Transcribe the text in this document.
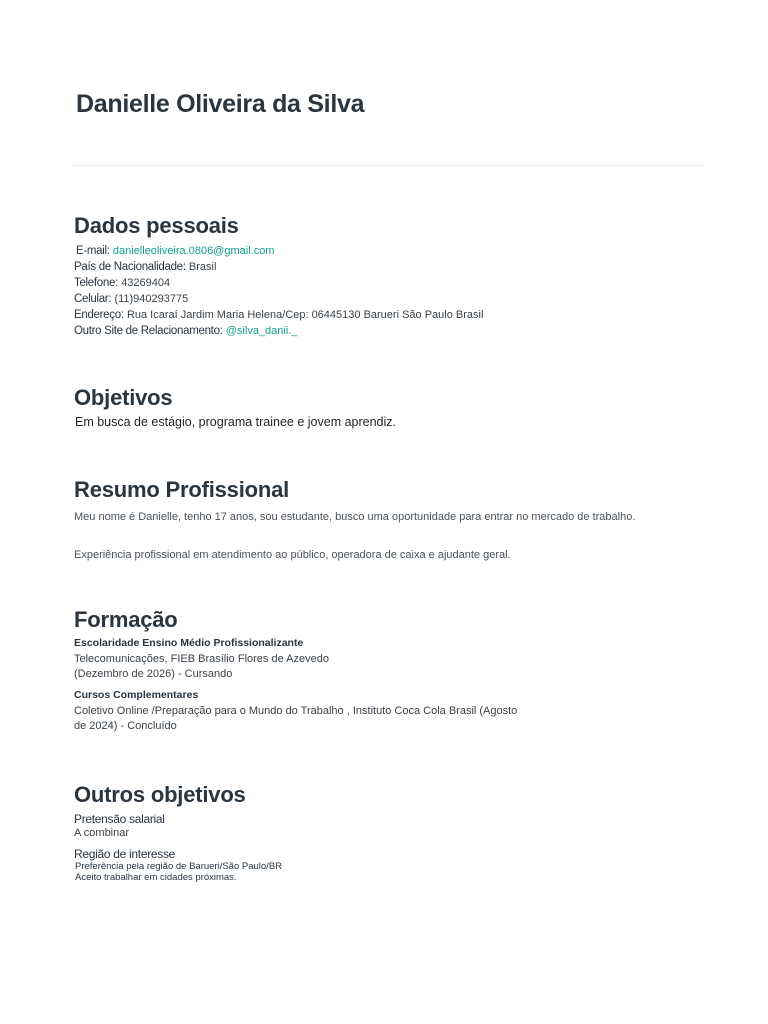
Danielle Oliveira da Silva
Dados pessoais
E-mail: danielleoliveira.0806@gmail.com
País de Nacionalidade: Brasil
Telefone: 43269404
Celular: (11)940293775
Endereço: Rua Icaraí Jardim Maria Helena/Cep: 06445130 Barueri São Paulo Brasil
Outro Site de Relacionamento: @silva_danii._
Objetivos
Em busca de estágio, programa trainee e jovem aprendiz.
Resumo Profissional
Meu nome é Danielle, tenho 17 anos, sou estudante, busco uma oportunidade para entrar no mercado de trabalho.
Experiência profissional em atendimento ao público, operadora de caixa e ajudante geral.
Formação
Escolaridade Ensino Médio Profissionalizante
Telecomunicações, FIEB Brasílio Flores de Azevedo
(Dezembro de 2026) - Cursando
Cursos Complementares
Coletivo Online /Preparação para o Mundo do Trabalho , Instituto Coca Cola Brasil (Agosto
de 2024) - Concluído
Outros objetivos
Pretensão salarial
A combinar
Região de interesse
Preferência pela região de Barueri/São Paulo/BR
Aceito trabalhar em cidades próximas.
